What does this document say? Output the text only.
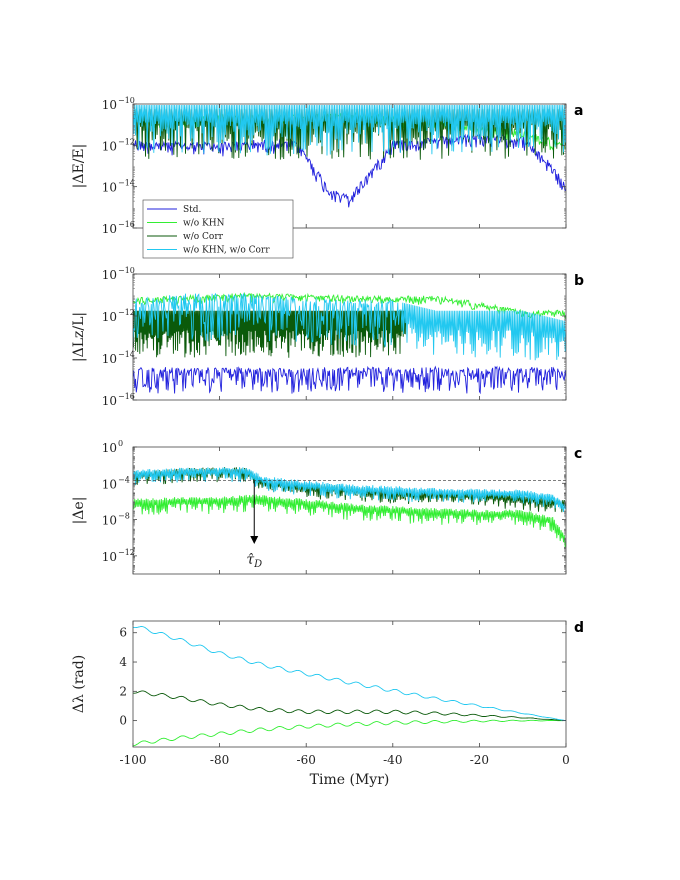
10 −16
10 −14
10 −12
10 −10
|ΔE/E|
a
Std.
w/o KHN
w/o Corr
w/o KHN, w/o Corr
10 −16
10 −14
10 −12
10 −10
|ΔLz/L|
b
10 −12
10 −8
10 −4
10 0
|Δe|
c
$\taû_D$
0
2
4
6
-100	-80	-60	-40	-20	0
Time (Myr)
Δλ (rad)
d
